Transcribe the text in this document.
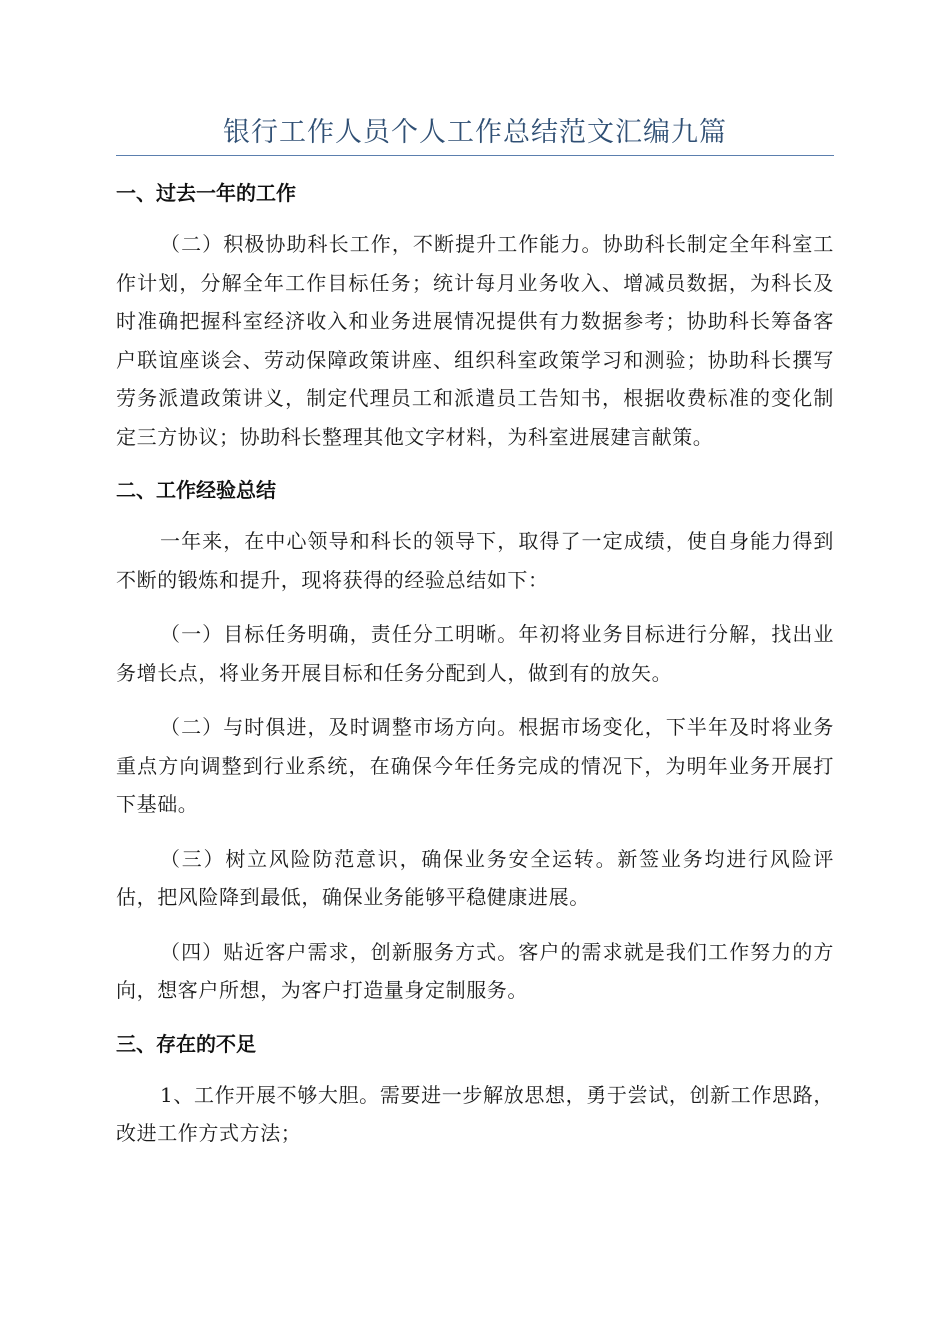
银行工作人员个人工作总结范文汇编九篇
一、过去一年的工作

（二）积极协助科长工作，不断提升工作能力。协助科长制定全年科室工作计划，分解全年工作目标任务；统计每月业务收入、增减员数据，为科长及时准确把握科室经济收入和业务进展情况提供有力数据参考；协助科长筹备客户联谊座谈会、劳动保障政策讲座、组织科室政策学习和测验；协助科长撰写劳务派遣政策讲义，制定代理员工和派遣员工告知书，根据收费标准的变化制定三方协议；协助科长整理其他文字材料，为科室进展建言献策。

二、工作经验总结

一年来，在中心领导和科长的领导下，取得了一定成绩，使自身能力得到不断的锻炼和提升，现将获得的经验总结如下：

（一）目标任务明确，责任分工明晰。年初将业务目标进行分解，找出业务增长点，将业务开展目标和任务分配到人，做到有的放矢。

（二）与时俱进，及时调整市场方向。根据市场变化，下半年及时将业务重点方向调整到行业系统，在确保今年任务完成的情况下，为明年业务开展打下基础。

（三）树立风险防范意识，确保业务安全运转。新签业务均进行风险评估，把风险降到最低，确保业务能够平稳健康进展。

（四）贴近客户需求，创新服务方式。客户的需求就是我们工作努力的方向，想客户所想，为客户打造量身定制服务。

三、存在的不足

1、工作开展不够大胆。需要进一步解放思想，勇于尝试，创新工作思路，改进工作方式方法；
